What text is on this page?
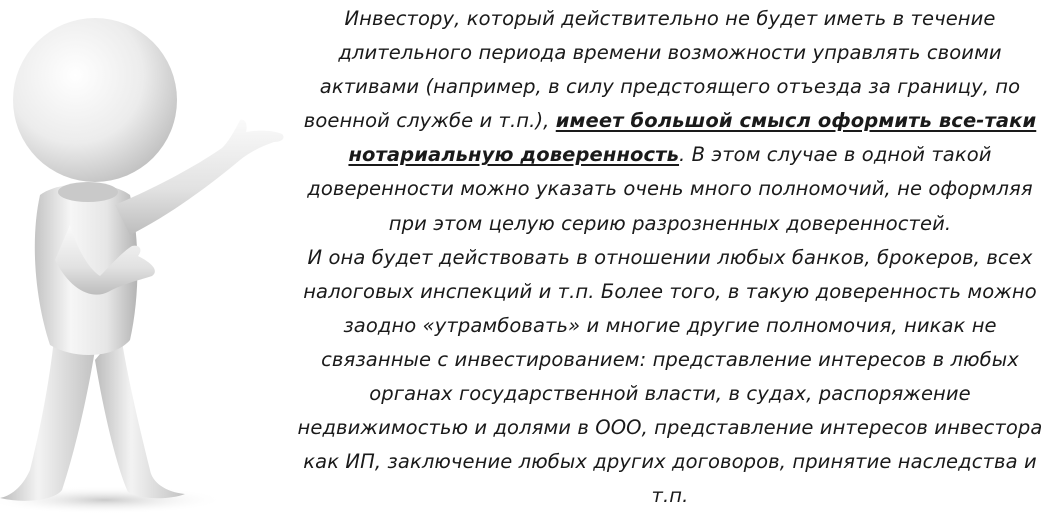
Инвестору, который действительно не будет иметь в течение длительного периода времени возможности управлять своими активами (например, в силу предстоящего отъезда за границу, по военной службе и т.п.), имеет большой смысл оформить все-таки нотариальную доверенность. В этом случае в одной такой доверенности можно указать очень много полномочий, не оформляя при этом целую серию разрозненных доверенностей.

И она будет действовать в отношении любых банков, брокеров, всех налоговых инспекций и т.п. Более того, в такую доверенность можно заодно «утрамбовать» и многие другие полномочия, никак не связанные с инвестированием: представление интересов в любых органах государственной власти, в судах, распоряжение недвижимостью и долями в ООО, представление интересов инвестора как ИП, заключение любых других договоров, принятие наследства и т.п.
